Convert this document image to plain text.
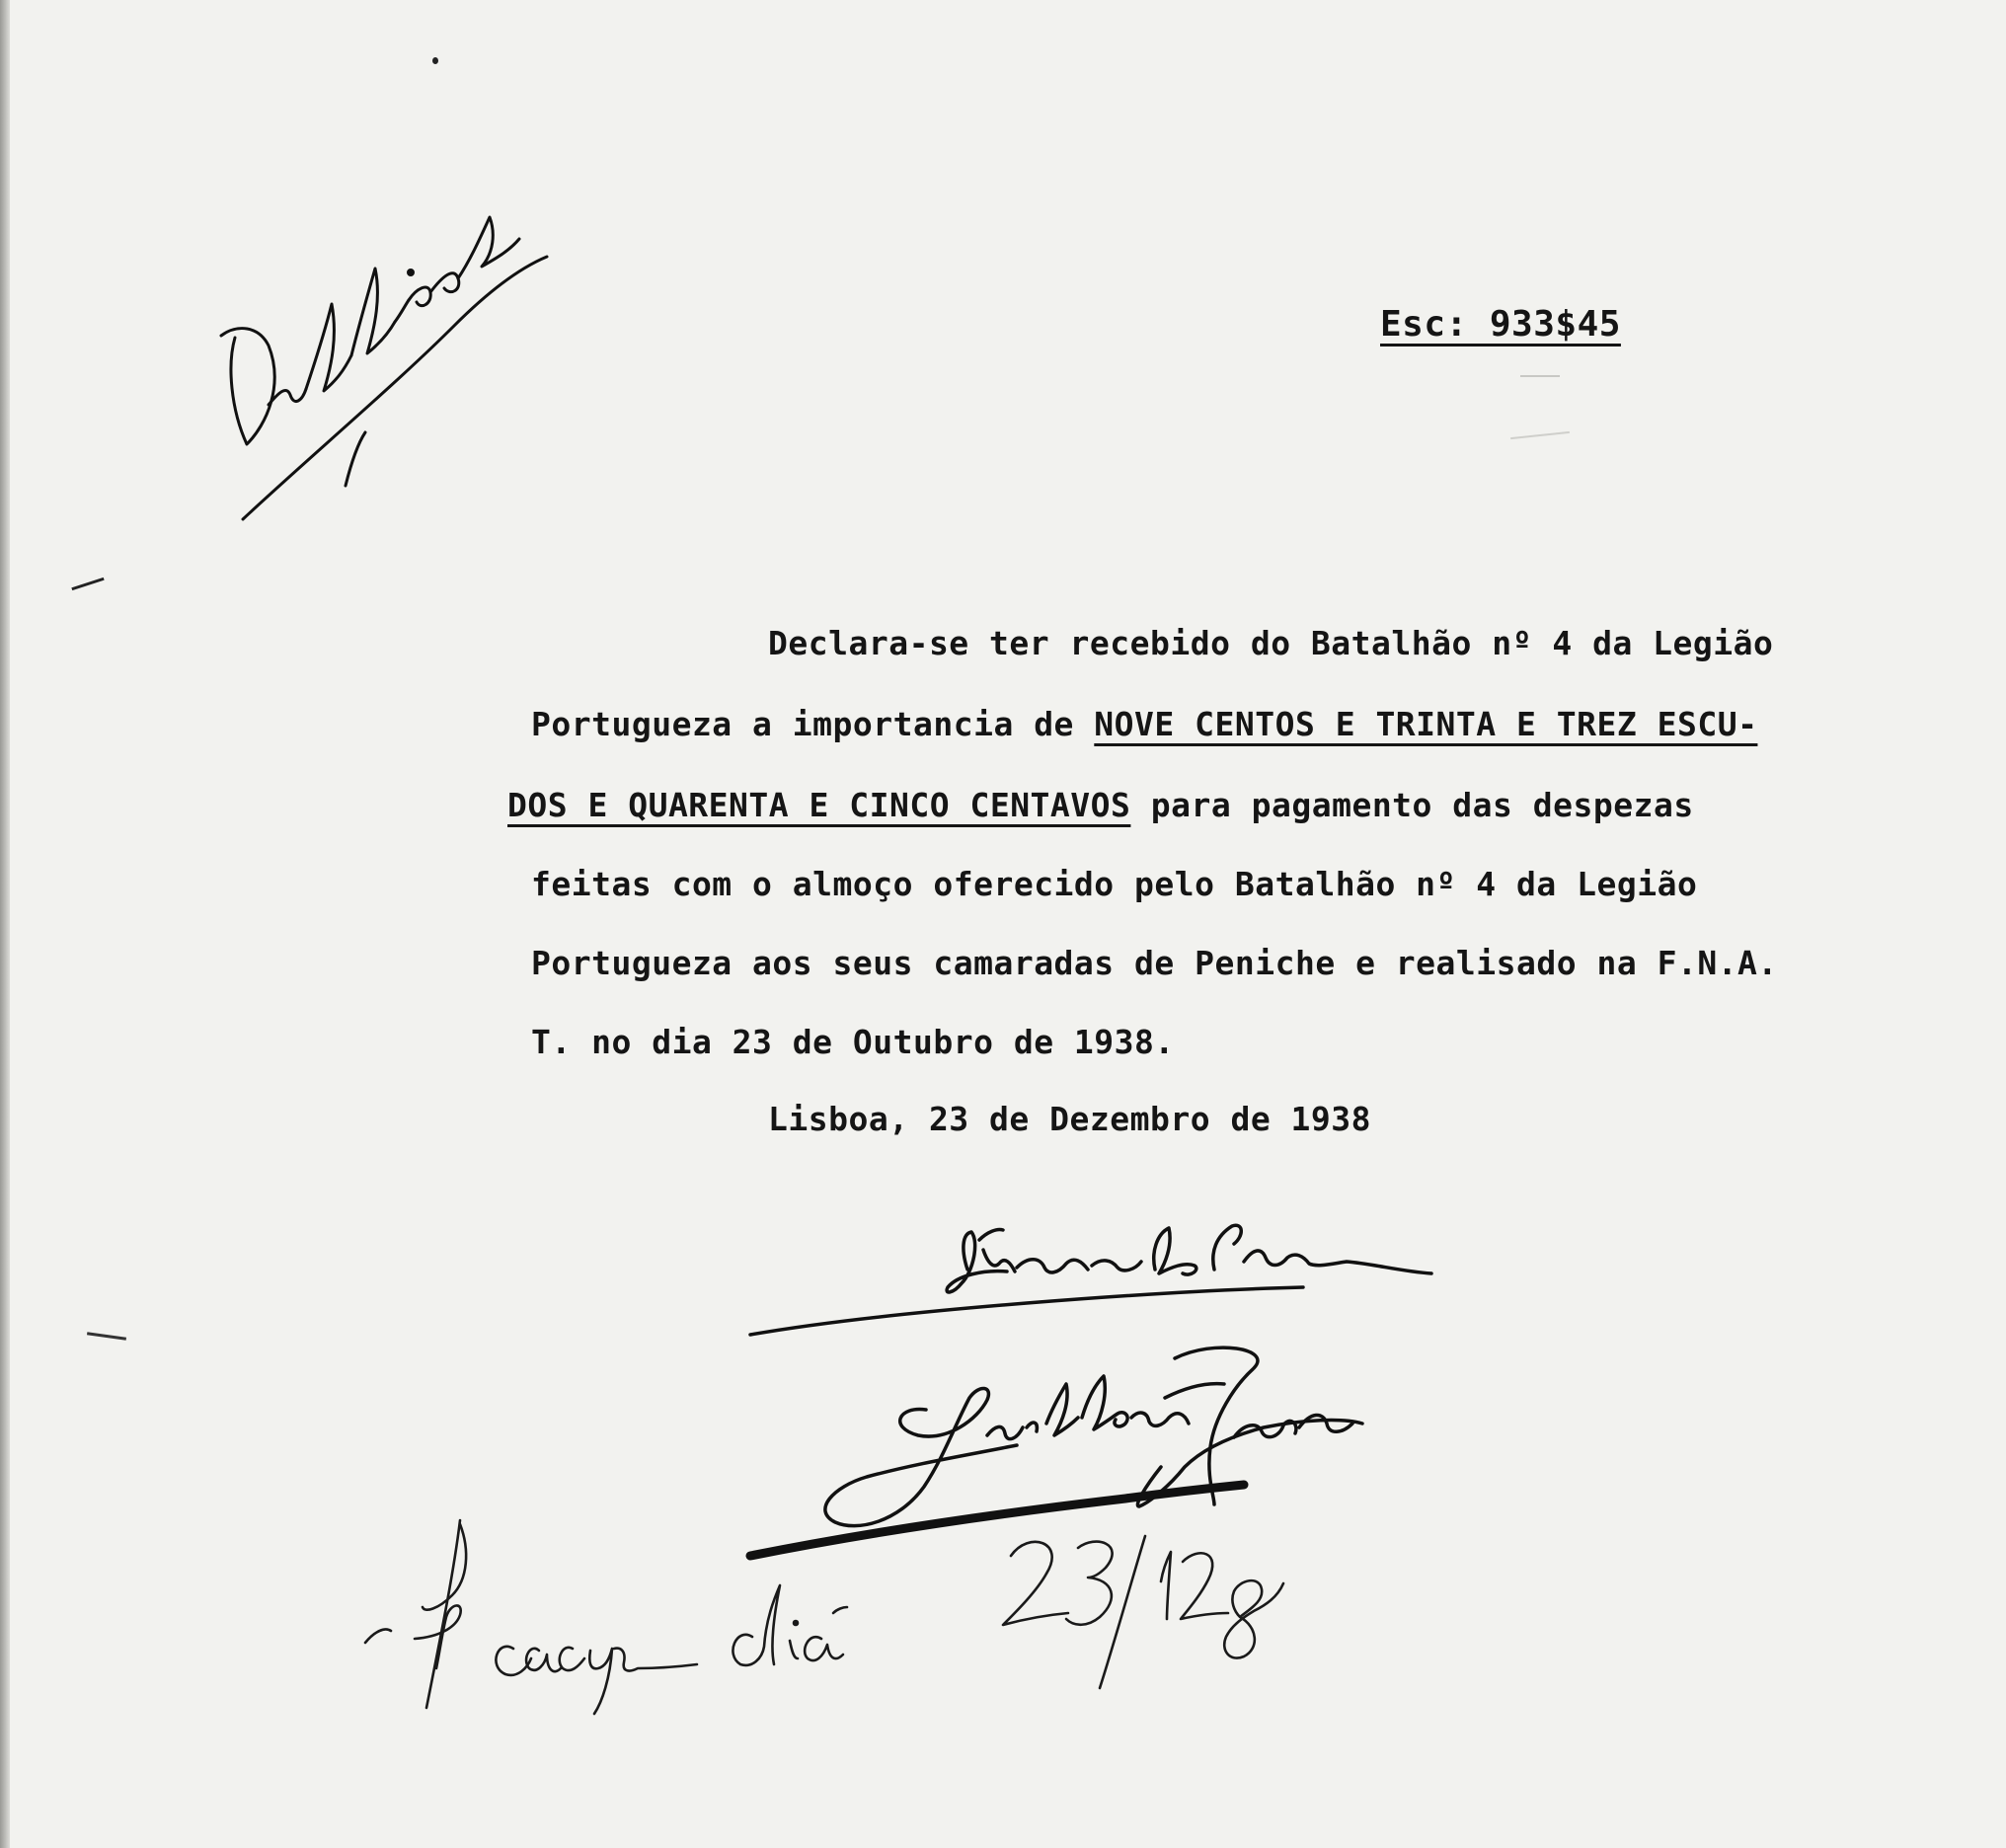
Esc: 933$45
Declara-se ter recebido do Batalhão nº 4 da Legião
Portugueza a importancia de NOVE CENTOS E TRINTA E TREZ ESCU-
DOS E QUARENTA E CINCO CENTAVOS para pagamento das despezas
feitas com o almoço oferecido pelo Batalhão nº 4 da Legião
Portugueza aos seus camaradas de Peniche e realisado na F.N.A.
T. no dia 23 de Outubro de 1938.
Lisboa, 23 de Dezembro de 1938
